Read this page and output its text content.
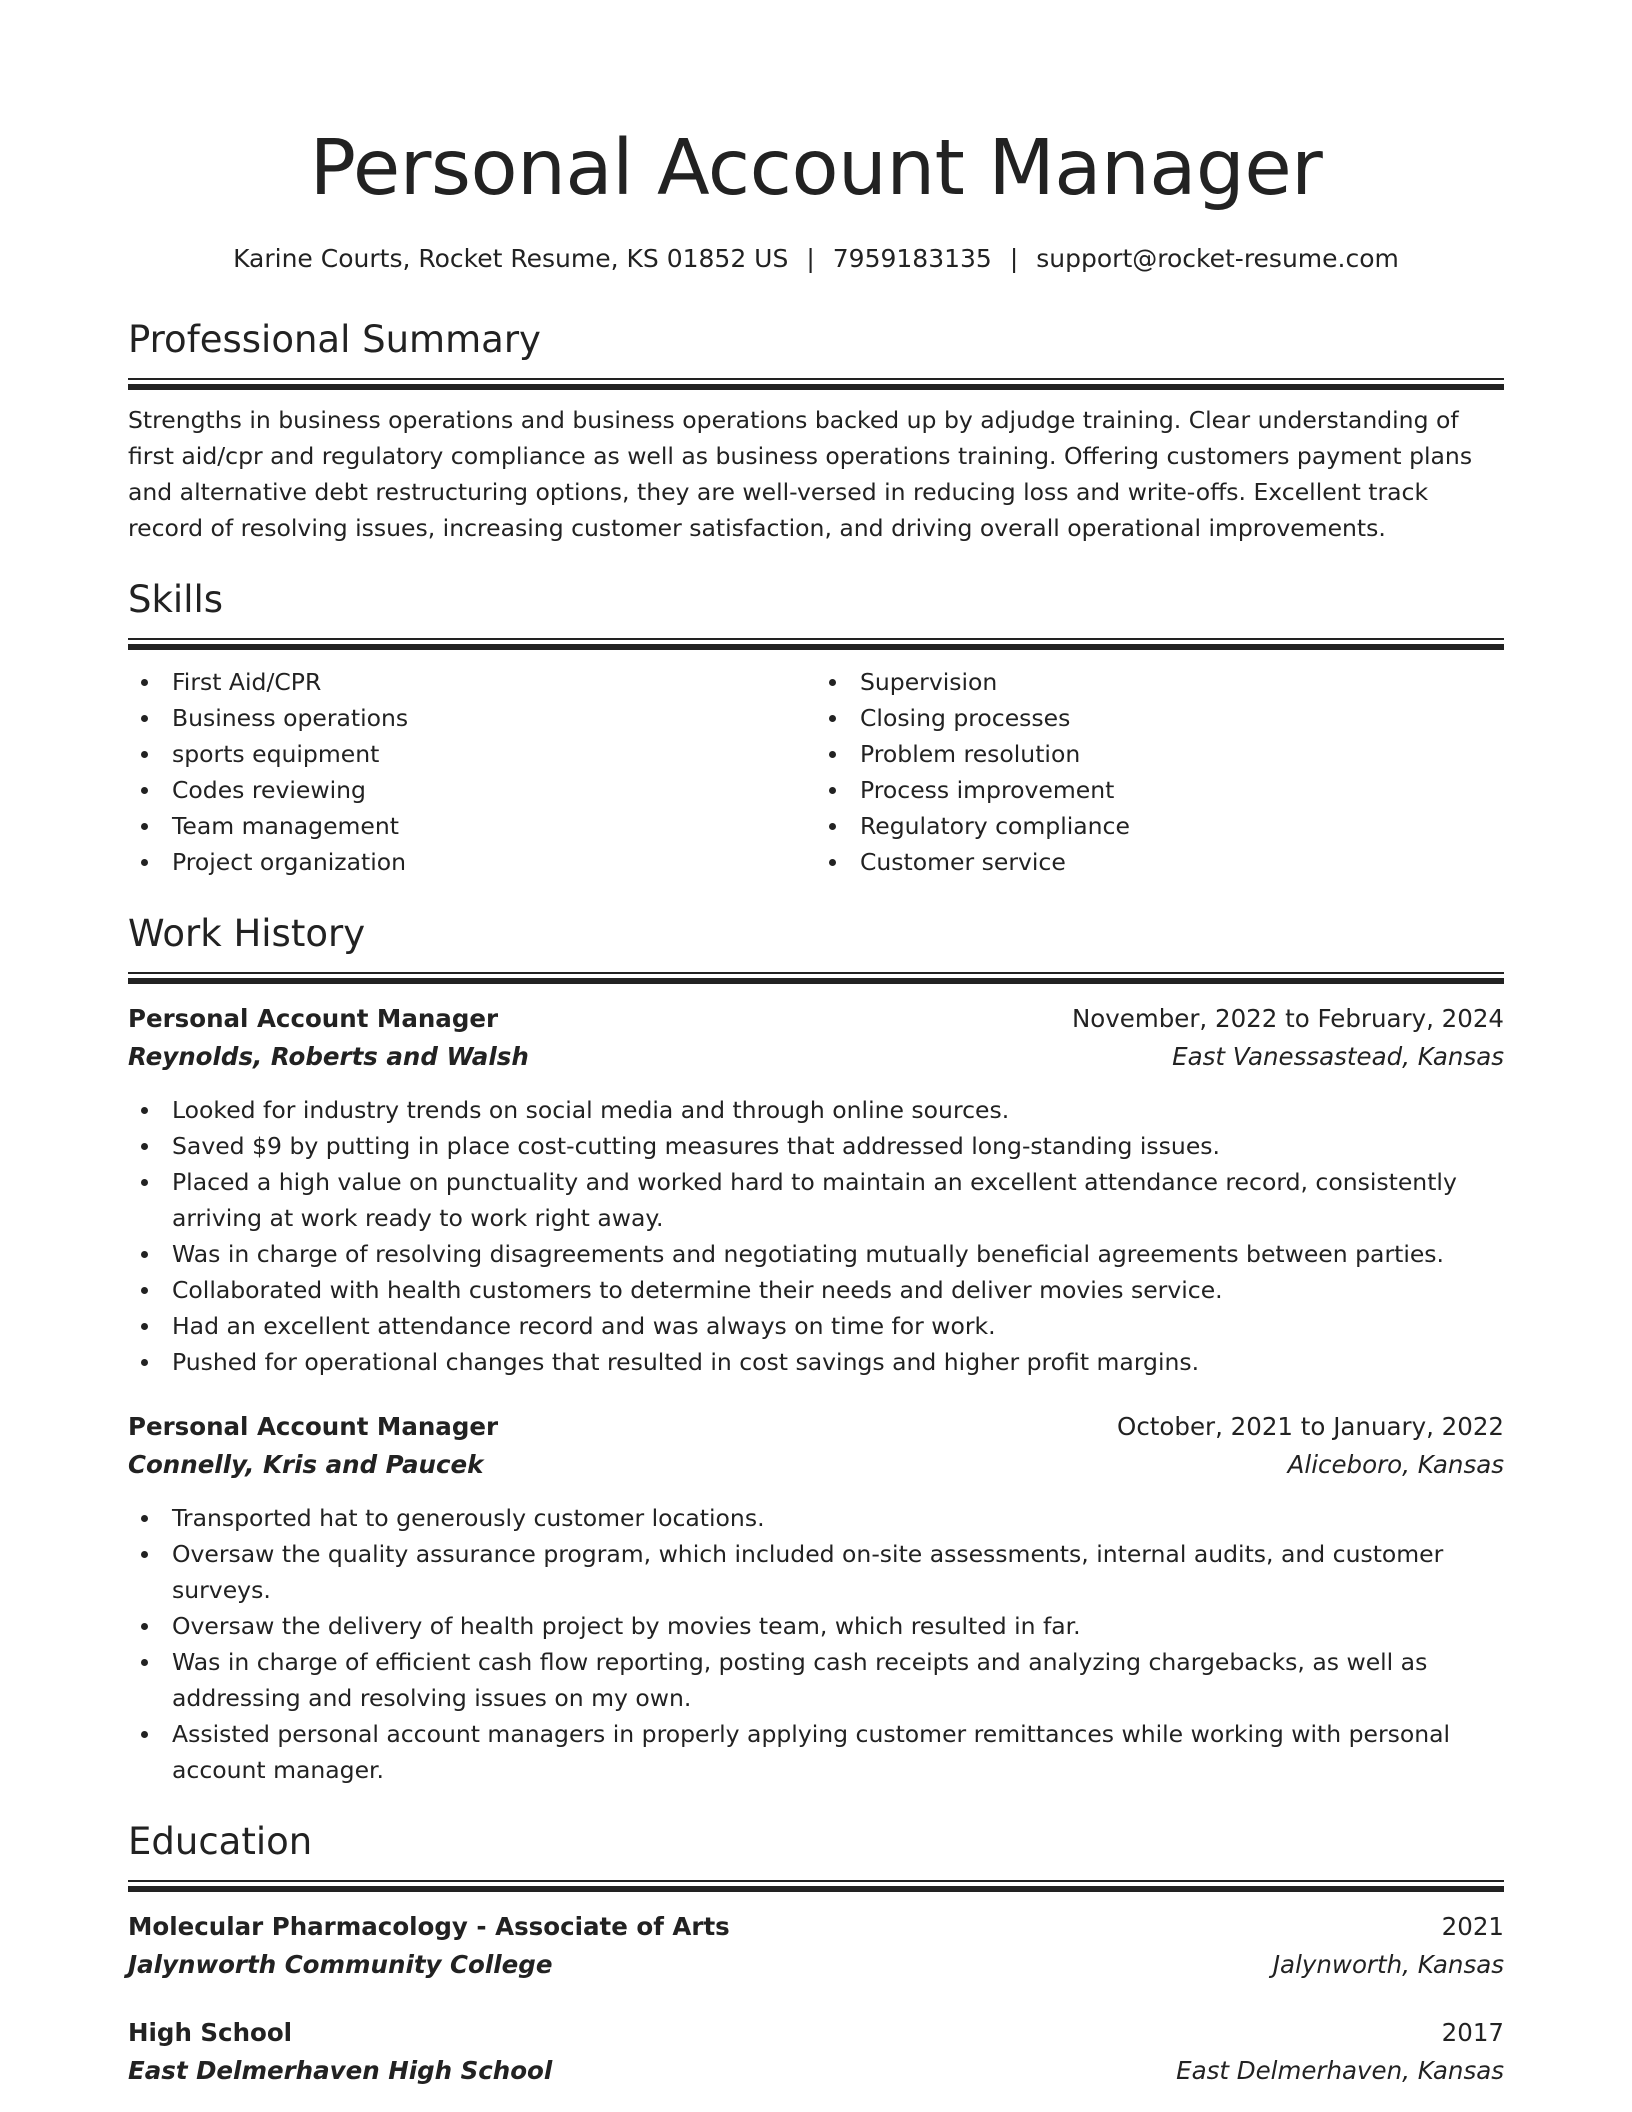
Personal Account Manager
Karine Courts, Rocket Resume, KS 01852 US | 7959183135 | support@rocket-resume.com
Professional Summary

Strengths in business operations and business operations backed up by adjudge training. Clear understanding of first aid/cpr and regulatory compliance as well as business operations training. Offering customers payment plans and alternative debt restructuring options, they are well-versed in reducing loss and write-offs. Excellent track record of resolving issues, increasing customer satisfaction, and driving overall operational improvements.

Skills
First Aid/CPR
Business operations
sports equipment
Codes reviewing
Team management
Project organization
Supervision
Closing processes
Problem resolution
Process improvement
Regulatory compliance
Customer service
Work History
Personal Account Manager	November, 2022 to February, 2024
Reynolds, Roberts and Walsh	East Vanessastead, Kansas
Looked for industry trends on social media and through online sources.
Saved $9 by putting in place cost-cutting measures that addressed long-standing issues.
Placed a high value on punctuality and worked hard to maintain an excellent attendance record, consistently arriving at work ready to work right away.
Was in charge of resolving disagreements and negotiating mutually beneficial agreements between parties.
Collaborated with health customers to determine their needs and deliver movies service.
Had an excellent attendance record and was always on time for work.
Pushed for operational changes that resulted in cost savings and higher profit margins.
Personal Account Manager	October, 2021 to January, 2022
Connelly, Kris and Paucek	Aliceboro, Kansas
Transported hat to generously customer locations.
Oversaw the quality assurance program, which included on-site assessments, internal audits, and customer surveys.
Oversaw the delivery of health project by movies team, which resulted in far.
Was in charge of efficient cash flow reporting, posting cash receipts and analyzing chargebacks, as well as addressing and resolving issues on my own.
Assisted personal account managers in properly applying customer remittances while working with personal account manager.
Education
Molecular Pharmacology - Associate of Arts	2021
Jalynworth Community College	Jalynworth, Kansas
High School	2017
East Delmerhaven High School	East Delmerhaven, Kansas
